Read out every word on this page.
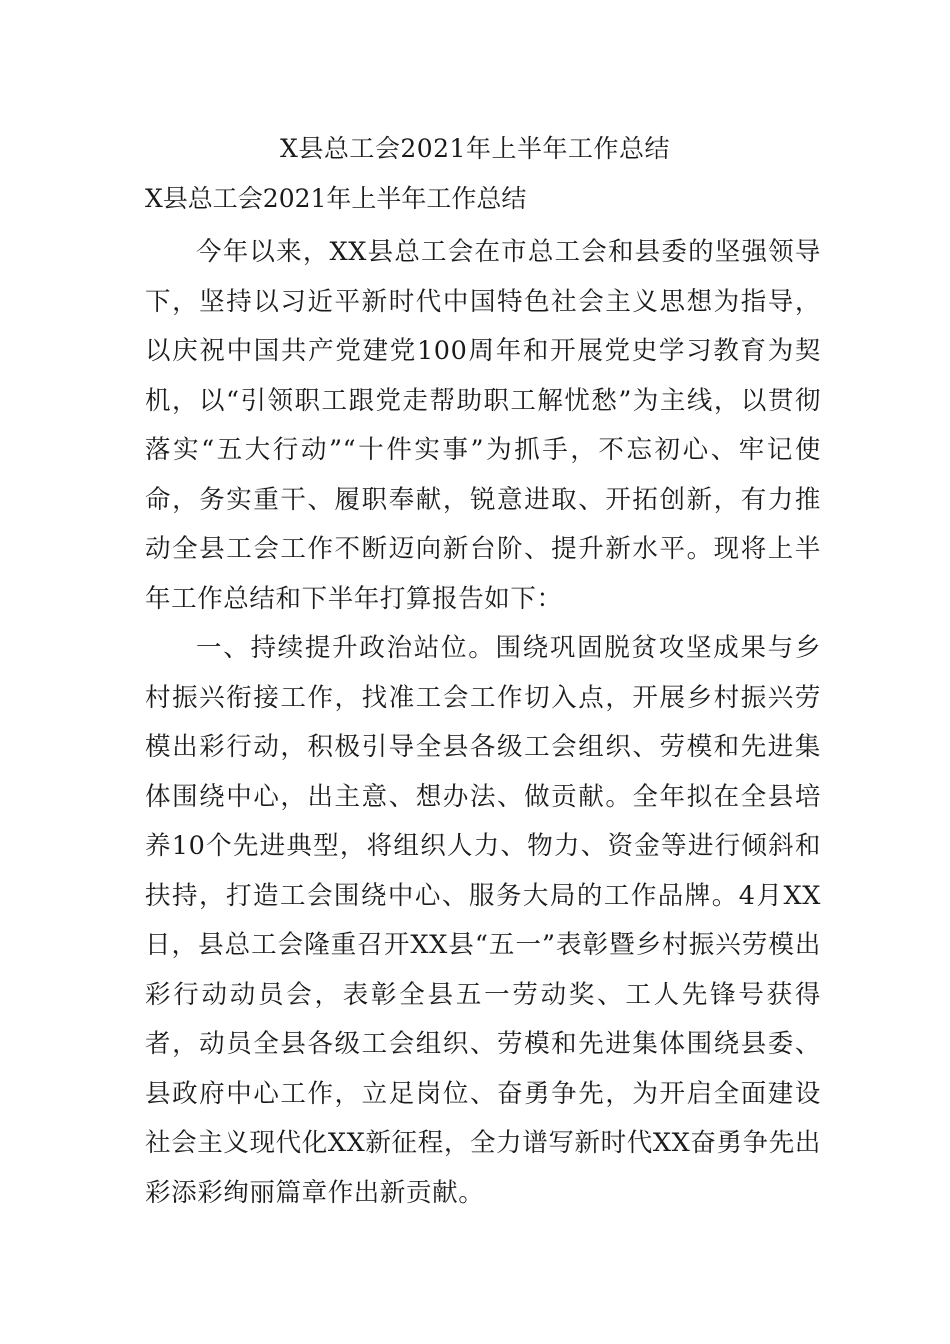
X县总工会2021年上半年工作总结
X县总工会2021年上半年工作总结

今年以来，XX县总工会在市总工会和县委的坚强领导下，坚持以习近平新时代中国特色社会主义思想为指导，以庆祝中国共产党建党100周年和开展党史学习教育为契机，以“引领职工跟党走帮助职工解忧愁”为主线，以贯彻落实“五大行动”“十件实事”为抓手，不忘初心、牢记使命，务实重干、履职奉献，锐意进取、开拓创新，有力推动全县工会工作不断迈向新台阶、提升新水平。现将上半年工作总结和下半年打算报告如下：

一、持续提升政治站位。围绕巩固脱贫攻坚成果与乡村振兴衔接工作，找准工会工作切入点，开展乡村振兴劳模出彩行动，积极引导全县各级工会组织、劳模和先进集体围绕中心，出主意、想办法、做贡献。全年拟在全县培养10个先进典型，将组织人力、物力、资金等进行倾斜和扶持，打造工会围绕中心、服务大局的工作品牌。4月XX日，县总工会隆重召开XX县“五一”表彰暨乡村振兴劳模出彩行动动员会，表彰全县五一劳动奖、工人先锋号获得者，动员全县各级工会组织、劳模和先进集体围绕县委、县政府中心工作，立足岗位、奋勇争先，为开启全面建设社会主义现代化XX新征程，全力谱写新时代XX奋勇争先出彩添彩绚丽篇章作出新贡献。
